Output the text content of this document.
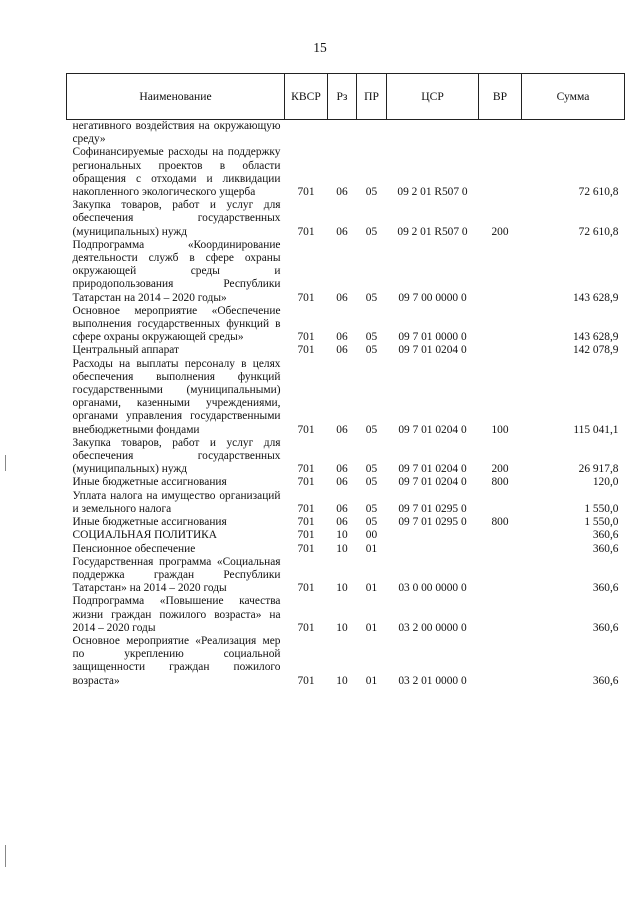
15
Наименование	КВСР	Рз	ПР	ЦСР	ВР	Сумма
негативного воздействия на окружающую среду»						
Софинансируемые расходы на поддержку региональных проектов в области обращения с отходами и ликвидации накопленного экологического ущерба	701	06	05	09 2 01 R507 0		72 610,8
Закупка товаров, работ и услуг для обеспечения государственных (муниципальных) нужд	701	06	05	09 2 01 R507 0	200	72 610,8
Подпрограмма «Координирование деятельности служб в сфере охраны окружающей среды и природопользования Республики Татарстан на 2014 – 2020 годы»	701	06	05	09 7 00 0000 0		143 628,9
Основное мероприятие «Обеспечение выполнения государственных функций в сфере охраны окружающей среды»	701	06	05	09 7 01 0000 0		143 628,9
Центральный аппарат	701	06	05	09 7 01 0204 0		142 078,9
Расходы на выплаты персоналу в целях обеспечения выполнения функций государственными (муниципальными) органами, казенными учреждениями, органами управления государственными внебюджетными фондами	701	06	05	09 7 01 0204 0	100	115 041,1
Закупка товаров, работ и услуг для обеспечения государственных (муниципальных) нужд	701	06	05	09 7 01 0204 0	200	26 917,8
Иные бюджетные ассигнования	701	06	05	09 7 01 0204 0	800	120,0
Уплата налога на имущество организаций и земельного налога	701	06	05	09 7 01 0295 0		1 550,0
Иные бюджетные ассигнования	701	06	05	09 7 01 0295 0	800	1 550,0
СОЦИАЛЬНАЯ ПОЛИТИКА	701	10	00			360,6
Пенсионное обеспечение	701	10	01			360,6
Государственная программа «Социальная поддержка граждан Республики Татарстан» на 2014 – 2020 годы	701	10	01	03 0 00 0000 0		360,6
Подпрограмма «Повышение качества жизни граждан пожилого возраста» на 2014 – 2020 годы	701	10	01	03 2 00 0000 0		360,6
Основное мероприятие «Реализация мер по укреплению социальной защищенности граждан пожилого возраста»	701	10	01	03 2 01 0000 0		360,6
